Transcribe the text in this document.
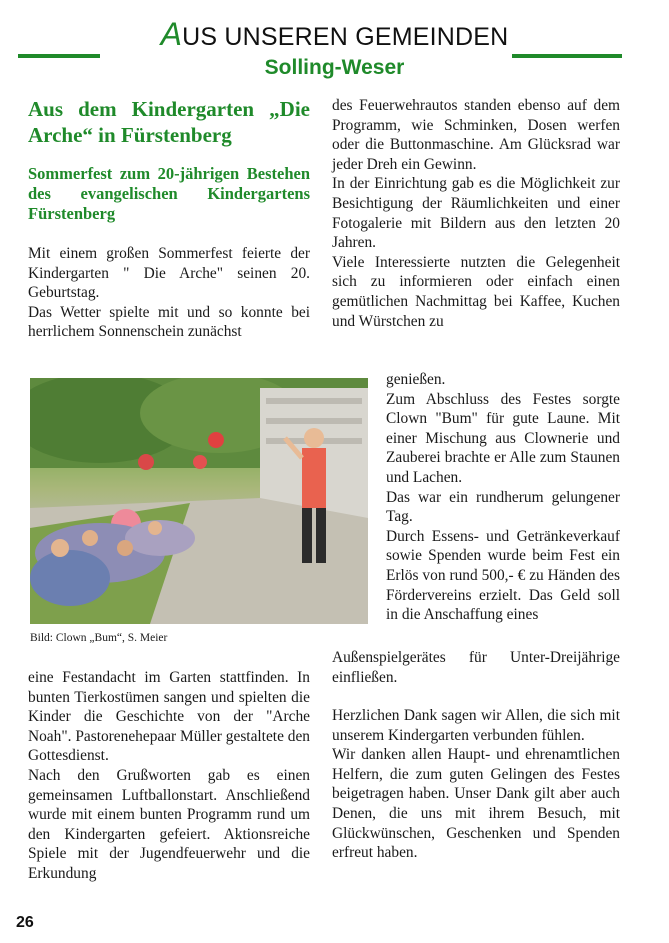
AUS UNSEREN GEMEINDEN
Solling-Weser
Aus dem Kindergarten „Die Arche“ in Fürstenberg
Sommerfest zum 20-jährigen Bestehen des evangelischen Kindergartens Fürstenberg

Mit einem großen Sommerfest feierte der Kindergarten " Die Arche" seinen 20. Geburtstag.

Das Wetter spielte mit und so konnte bei herrlichem Sonnenschein zunächst

Bild: Clown „Bum“, S. Meier

eine Festandacht im Garten stattfinden. In bunten Tierkostümen sangen und spielten die Kinder die Geschichte von der "Arche Noah". Pastorenehepaar Müller gestaltete den Gottesdienst.

Nach den Grußworten gab es einen gemeinsamen Luftballonstart. Anschließend wurde mit einem bunten Programm rund um den Kindergarten gefeiert. Aktionsreiche Spiele mit der Jugendfeuerwehr und die Erkundung

des Feuerwehrautos standen ebenso auf dem Programm, wie Schminken, Dosen werfen oder die Buttonmaschine. Am Glücksrad war jeder Dreh ein Gewinn.

In der Einrichtung gab es die Möglichkeit zur Besichtigung der Räumlichkeiten und einer Fotogalerie mit Bildern aus den letzten 20 Jahren.

Viele Interessierte nutzten die Gelegenheit sich zu informieren oder einfach einen gemütlichen Nachmittag bei Kaffee, Kuchen und Würstchen zu

genießen.

Zum Abschluss des Festes sorgte Clown "Bum" für gute Laune. Mit einer Mischung aus Clownerie und Zauberei brachte er Alle zum Staunen und Lachen.

Das war ein rundherum gelungener Tag.

Durch Essens- und Getränkeverkauf sowie Spenden wurde beim Fest ein Erlös von rund 500,- € zu Händen des Fördervereins erzielt. Das Geld soll in die Anschaffung eines

Außenspielgerätes für Unter-Dreijährige einfließen.

Herzlichen Dank sagen wir Allen, die sich mit unserem Kindergarten verbunden fühlen.

Wir danken allen Haupt- und ehrenamtlichen Helfern, die zum guten Gelingen des Festes beigetragen haben. Unser Dank gilt aber auch Denen, die uns mit ihrem Besuch, mit Glückwünschen, Geschenken und Spenden erfreut haben.

26
